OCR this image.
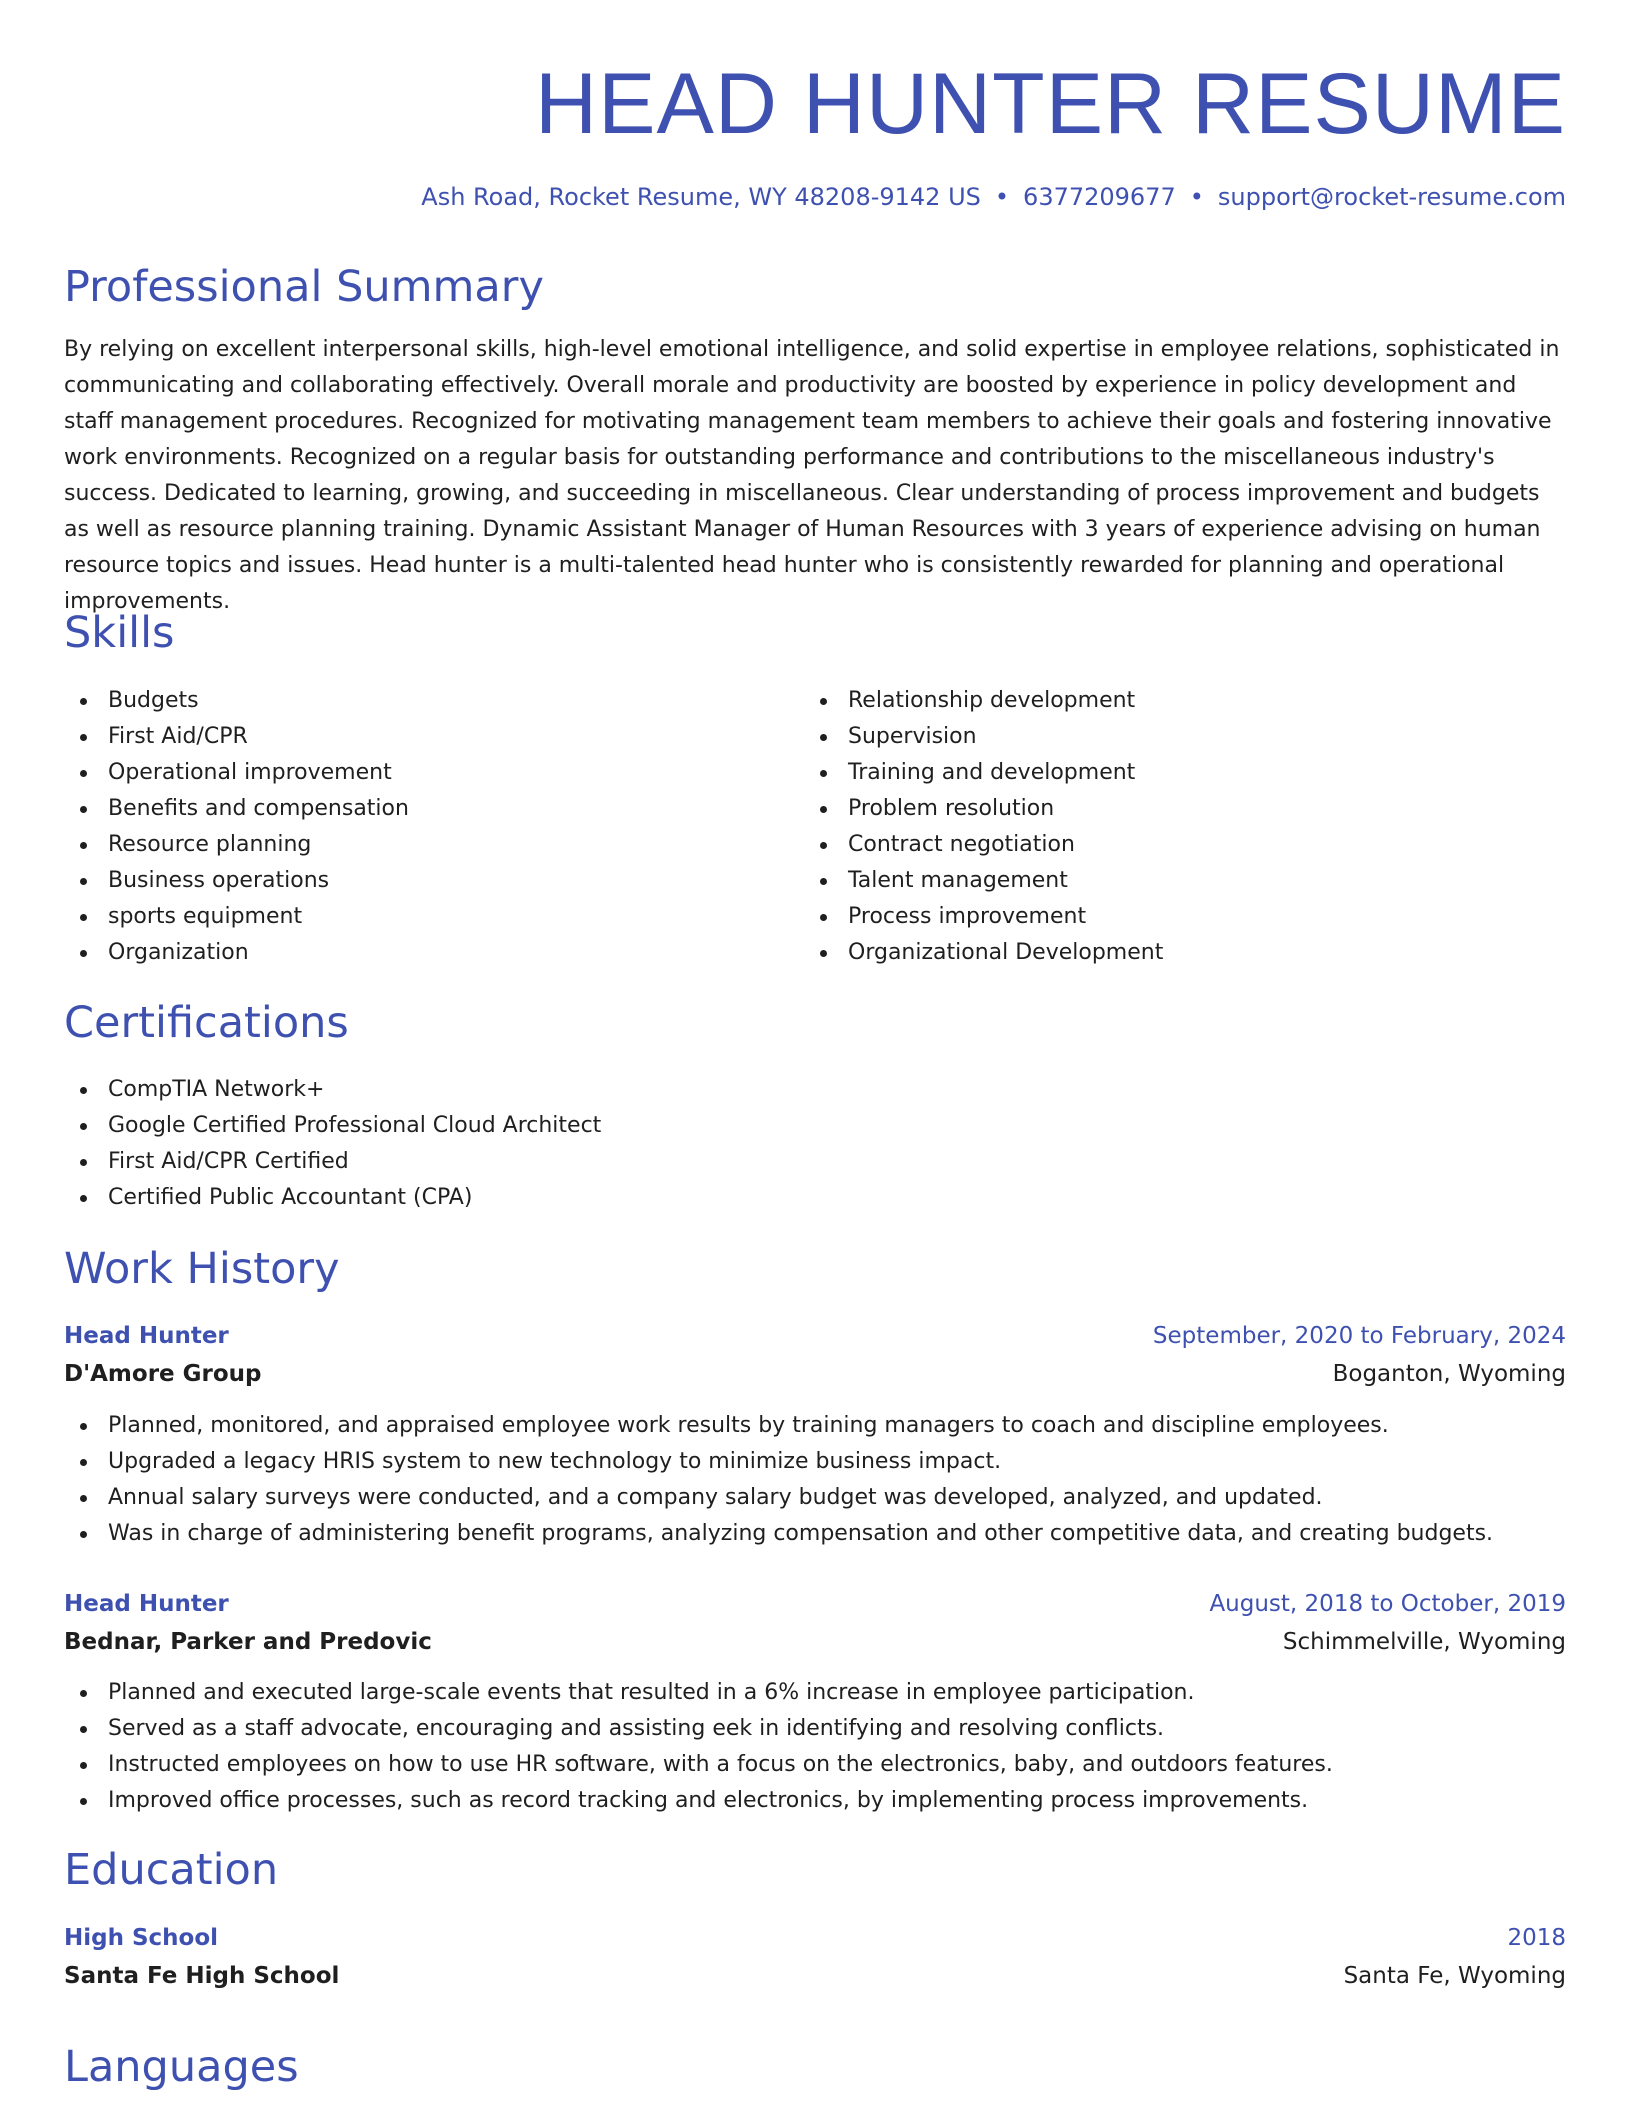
HEAD HUNTER RESUME
Ash Road, Rocket Resume, WY 48208-9142 US • 6377209677 • support@rocket-resume.com
Professional Summary
By relying on excellent interpersonal skills, high-level emotional intelligence, and solid expertise in employee relations, sophisticated in communicating and collaborating effectively. Overall morale and productivity are boosted by experience in policy development and staff management procedures. Recognized for motivating management team members to achieve their goals and fostering innovative work environments. Recognized on a regular basis for outstanding performance and contributions to the miscellaneous industry's success. Dedicated to learning, growing, and succeeding in miscellaneous. Clear understanding of process improvement and budgets as well as resource planning training. Dynamic Assistant Manager of Human Resources with 3 years of experience advising on human resource topics and issues. Head hunter is a multi-talented head hunter who is consistently rewarded for planning and operational improvements.
Skills
Budgets
First Aid/CPR
Operational improvement
Benefits and compensation
Resource planning
Business operations
sports equipment
Organization
Relationship development
Supervision
Training and development
Problem resolution
Contract negotiation
Talent management
Process improvement
Organizational Development
Certifications
CompTIA Network+
Google Certified Professional Cloud Architect
First Aid/CPR Certified
Certified Public Accountant (CPA)
Work History
Head Hunter	September, 2020 to February, 2024
D'Amore Group	Boganton, Wyoming
Planned, monitored, and appraised employee work results by training managers to coach and discipline employees.
Upgraded a legacy HRIS system to new technology to minimize business impact.
Annual salary surveys were conducted, and a company salary budget was developed, analyzed, and updated.
Was in charge of administering benefit programs, analyzing compensation and other competitive data, and creating budgets.
Head Hunter	August, 2018 to October, 2019
Bednar, Parker and Predovic	Schimmelville, Wyoming
Planned and executed large-scale events that resulted in a 6% increase in employee participation.
Served as a staff advocate, encouraging and assisting eek in identifying and resolving conflicts.
Instructed employees on how to use HR software, with a focus on the electronics, baby, and outdoors features.
Improved office processes, such as record tracking and electronics, by implementing process improvements.
Education
High School	2018
Santa Fe High School	Santa Fe, Wyoming
Languages
